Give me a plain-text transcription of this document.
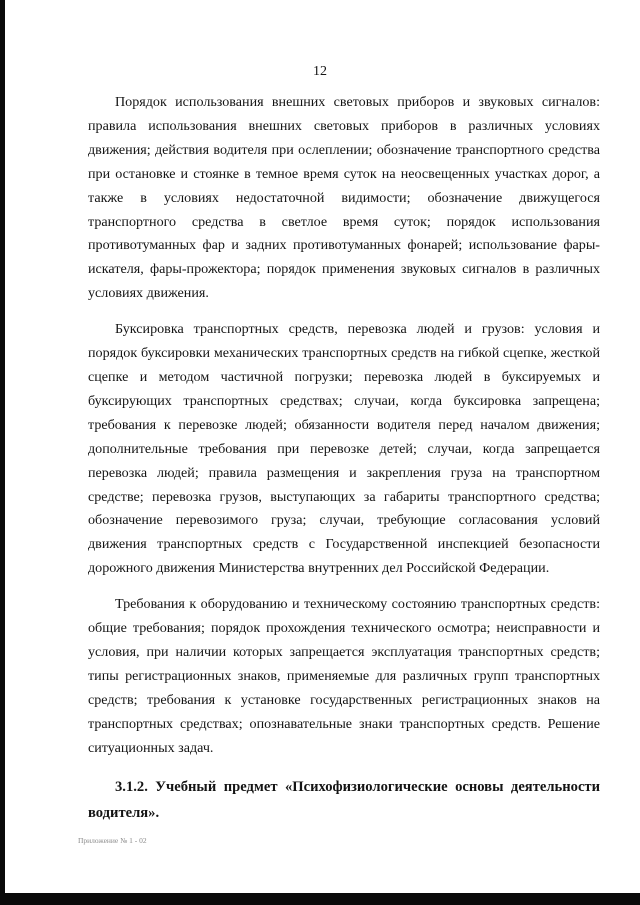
12

Порядок использования внешних световых приборов и звуковых сигналов: правила использования внешних световых приборов в различных условиях движения; действия водителя при ослеплении; обозначение транспортного средства при остановке и стоянке в темное время суток на неосвещенных участках дорог, а также в условиях недостаточной видимости; обозначение движущегося транспортного средства в светлое время суток; порядок использования противотуманных фар и задних противотуманных фонарей; использование фары-искателя, фары-прожектора; порядок применения звуковых сигналов в различных условиях движения.

Буксировка транспортных средств, перевозка людей и грузов: условия и порядок буксировки механических транспортных средств на гибкой сцепке, жесткой сцепке и методом частичной погрузки; перевозка людей в буксируемых и буксирующих транспортных средствах; случаи, когда буксировка запрещена; требования к перевозке людей; обязанности водителя перед началом движения; дополнительные требования при перевозке детей; случаи, когда запрещается перевозка людей; правила размещения и закрепления груза на транспортном средстве; перевозка грузов, выступающих за габариты транспортного средства; обозначение перевозимого груза; случаи, требующие согласования условий движения транспортных средств с Государственной инспекцией безопасности дорожного движения Министерства внутренних дел Российской Федерации.

Требования к оборудованию и техническому состоянию транспортных средств: общие требования; порядок прохождения технического осмотра; неисправности и условия, при наличии которых запрещается эксплуатация транспортных средств; типы регистрационных знаков, применяемые для различных групп транспортных средств; требования к установке государственных регистрационных знаков на транспортных средствах; опознавательные знаки транспортных средств. Решение ситуационных задач.

3.1.2. Учебный предмет «Психофизиологические основы деятельности водителя».
Приложение № 1 - 02
